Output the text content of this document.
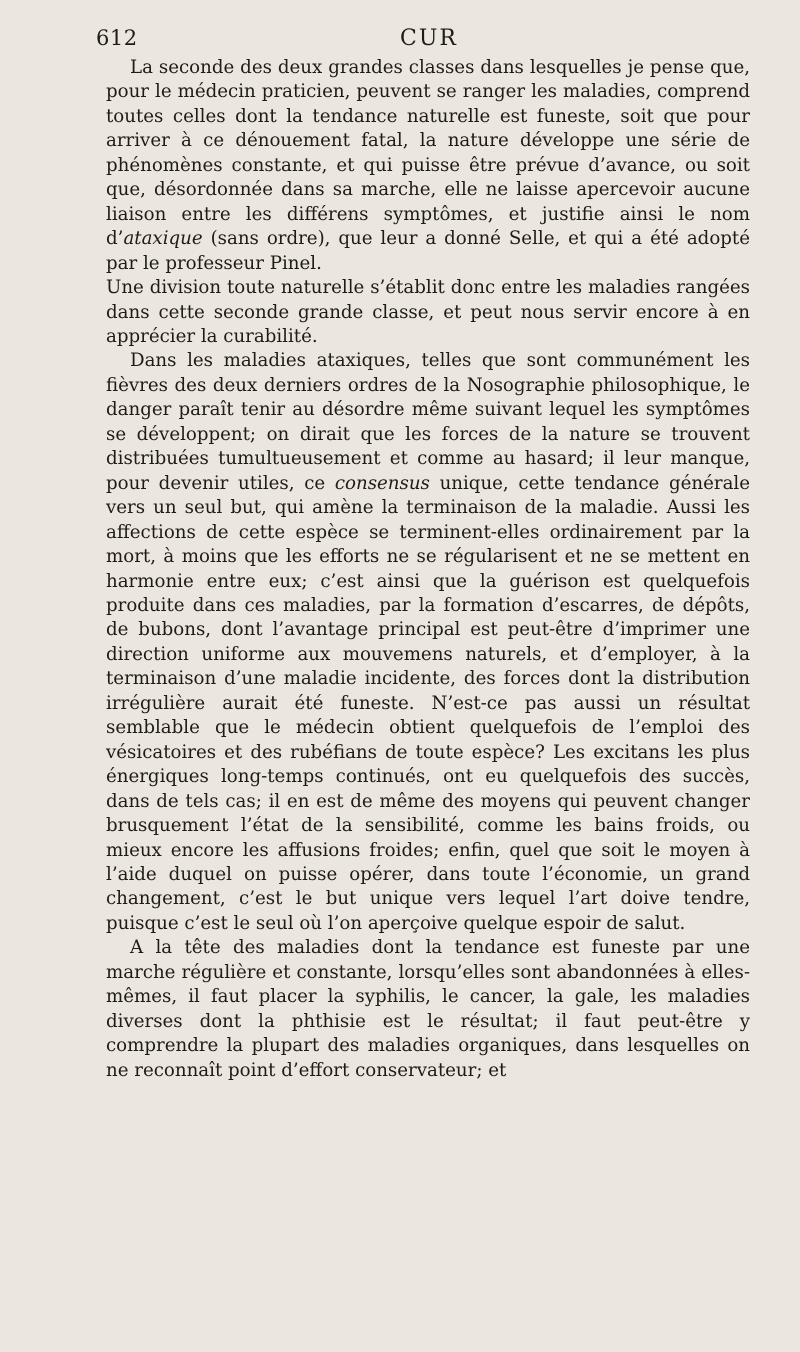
612	CUR

La seconde des deux grandes classes dans lesquelles je pense que, pour le médecin praticien, peuvent se ranger les maladies, comprend toutes celles dont la tendance naturelle est funeste, soit que pour arriver à ce dénouement fatal, la nature développe une série de phénomènes constante, et qui puisse être prévue d’avance, ou soit que, désordonnée dans sa marche, elle ne laisse apercevoir aucune liaison entre les différens symptômes, et justifie ainsi le nom d’ataxique (sans ordre), que leur a donné Selle, et qui a été adopté par le professeur Pinel.

Une division toute naturelle s’établit donc entre les maladies rangées dans cette seconde grande classe, et peut nous servir encore à en apprécier la curabilité.

Dans les maladies ataxiques, telles que sont communément les fièvres des deux derniers ordres de la Nosographie philosophique, le danger paraît tenir au désordre même suivant lequel les symptômes se développent; on dirait que les forces de la nature se trouvent distribuées tumultueusement et comme au hasard; il leur manque, pour devenir utiles, ce consensus unique, cette tendance générale vers un seul but, qui amène la terminaison de la maladie. Aussi les affections de cette espèce se terminent-elles ordinairement par la mort, à moins que les efforts ne se régularisent et ne se mettent en harmonie entre eux; c’est ainsi que la guérison est quelquefois produite dans ces maladies, par la formation d’escarres, de dépôts, de bubons, dont l’avantage principal est peut-être d’imprimer une direction uniforme aux mouvemens naturels, et d’employer, à la terminaison d’une maladie incidente, des forces dont la distribution irrégulière aurait été funeste. N’est-ce pas aussi un résultat semblable que le médecin obtient quelquefois de l’emploi des vésicatoires et des rubéfians de toute espèce? Les excitans les plus énergiques long-temps continués, ont eu quelquefois des succès, dans de tels cas; il en est de même des moyens qui peuvent changer brusquement l’état de la sensibilité, comme les bains froids, ou mieux encore les affusions froides; enfin, quel que soit le moyen à l’aide duquel on puisse opérer, dans toute l’économie, un grand changement, c’est le but unique vers lequel l’art doive tendre, puisque c’est le seul où l’on aperçoive quelque espoir de salut.

A la tête des maladies dont la tendance est funeste par une marche régulière et constante, lorsqu’elles sont abandonnées à elles-mêmes, il faut placer la syphilis, le cancer, la gale, les maladies diverses dont la phthisie est le résultat; il faut peut-être y comprendre la plupart des maladies organiques, dans lesquelles on ne reconnaît point d’effort conservateur; et
